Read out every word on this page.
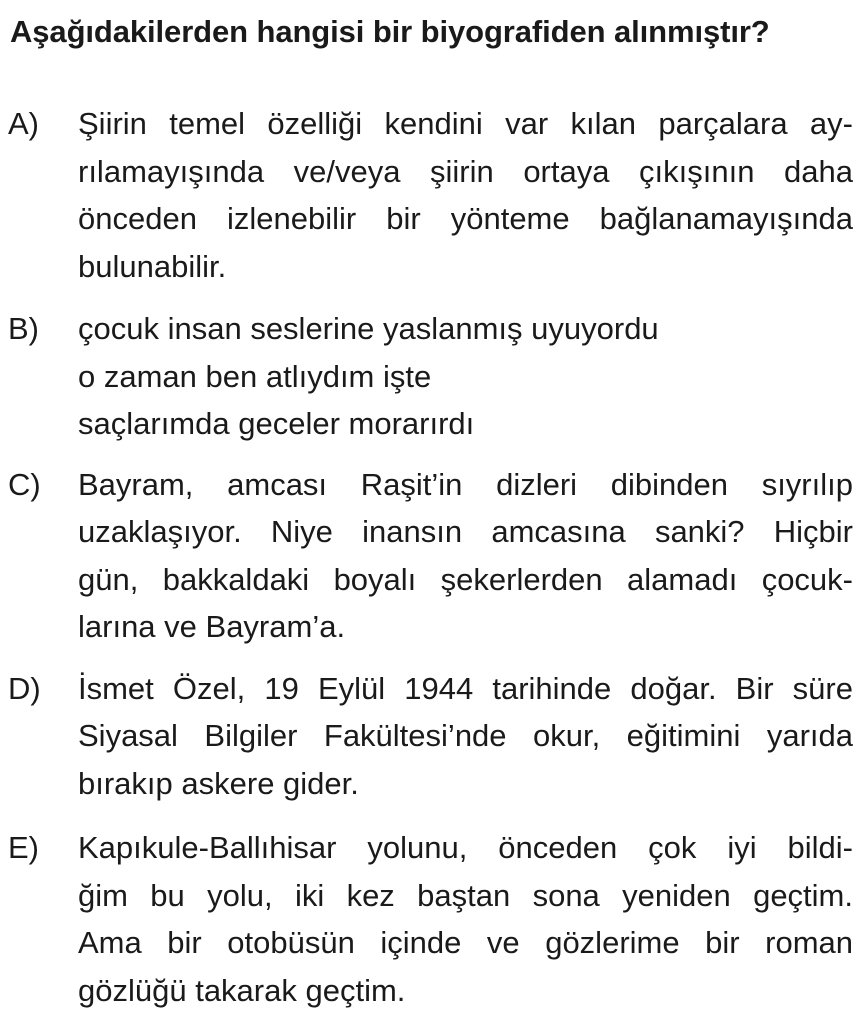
Aşağıdakilerden hangisi bir biyografiden alınmıştır?
A)	Şiirin temel özelliği kendini var kılan parçalara ay-
rılamayışında ve/veya şiirin ortaya çıkışının daha
önceden izlenebilir bir yönteme bağlanamayışında
bulunabilir.
B)	çocuk insan seslerine yaslanmış uyuyordu
o zaman ben atlıydım işte
saçlarımda geceler morarırdı
C)	Bayram, amcası Raşit’in dizleri dibinden sıyrılıp
uzaklaşıyor. Niye inansın amcasına sanki? Hiçbir
gün, bakkaldaki boyalı şekerlerden alamadı çocuk-
larına ve Bayram’a.
D)	İsmet Özel, 19 Eylül 1944 tarihinde doğar. Bir süre
Siyasal Bilgiler Fakültesi’nde okur, eğitimini yarıda
bırakıp askere gider.
E)	Kapıkule-Ballıhisar yolunu, önceden çok iyi bildi-
ğim bu yolu, iki kez baştan sona yeniden geçtim.
Ama bir otobüsün içinde ve gözlerime bir roman
gözlüğü takarak geçtim.
